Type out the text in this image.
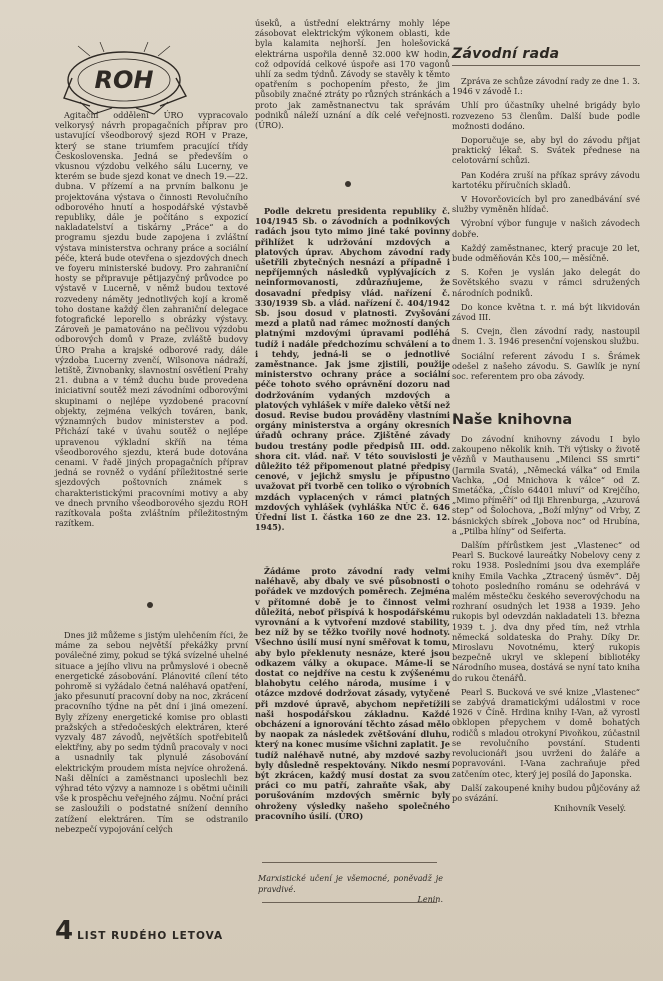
ROH

Agitační oddělení ÚRO vypracovalo velkorysý návrh propagačních příprav pro ustavující všeodborový sjezd ROH v Praze, který se stane triumfem pracující třídy Československa. Jedná se především o vkusnou výzdobu velkého sálu Lucerny, ve kterém se bude sjezd konat ve dnech 19.—22. dubna. V přízemí a na prvním balkonu je projektována výstava o činnosti Revolučního odborového hnutí a hospodářské výstavbě republiky, dále je počítáno s expozicí nakladatelství a tiskárny „Práce“ a do programu sjezdu bude zapojena i zvláštní výstava ministerstva ochrany práce a sociální péče, která bude otevřena o sjezdových dnech ve foyeru ministerské budovy. Pro zahraniční hosty se připravuje pětijazyčný průvodce po výstavě v Lucerně, v němž budou textové rozvedeny náměty jednotlivých kojí a kromě toho dostane každý člen zahraniční delegace fotografické leporello s obrázky výstavy. Zároveň je pamatováno na pečlivou výzdobu odborových domů v Praze, zvláště budovy ÚRO Praha a krajské odborové rady, dále výzdoba Lucerny zvenčí, Wilsonova nádraží, letiště, Živnobanky, slavnostní osvětlení Prahy 21. dubna a v témž duchu bude provedena iniciativní soutěž mezi závodními odborovými skupinami o nejlépe vyzdobené pracovní objekty, zejména velkých továren, bank, významných budov ministerstev a pod. Přichází také v úvahu soutěž o nejlépe upravenou výkladní skříň na téma všeodborového sjezdu, která bude dotována cenami. V řadě jiných propagačních příprav jedná se rovněž o vydání příležitostné serie sjezdových poštovních známek s charakteristickými pracovními motivy a aby ve dnech prvního všeodborového sjezdu ROH razítkovala pošta zvláštním příležitostným razítkem.

Dnes již můžeme s jistým ulehčením říci, že máme za sebou největší překážky první poválečné zimy, pokud se týká svízelné uhelné situace a jejího vlivu na průmyslové i obecně energetické zásobování. Plánovité cílení této pohromě si vyžádalo četná naléhavá opatření, jako přesunutí pracovní doby na noc, zkrácení pracovního týdne na pět dní i jiná omezení. Byly zřízeny energetické komise pro oblasti pražských a středočeských elektráren, které vyzvaly 487 závodů, největších spotřebitelů elektřiny, aby po sedm týdnů pracovaly v noci a usnadnily tak plynulé zásobování elektrickým proudem místa nejvíce ohrožená. Naši dělníci a zaměstnanci uposlechli bez výhrad této výzvy a namnoze i s obětmi učinili vše k prospěchu veřejného zájmu. Noční práci se zasloužili o podstatné snížení denního zatížení elektráren. Tím se odstranilo nebezpečí vypojování celých

úseků, a ústřední elektrárny mohly lépe zásobovat elektrickým výkonem oblasti, kde byla kalamita nejhorší. Jen holešovická elektrárna uspořila denně 32.000 kW hodin, což odpovídá celkové úspoře asi 170 vagonů uhlí za sedm týdnů. Závody se stavěly k těmto opatřením s pochopením přesto, že jim působily značné ztráty po různých stránkách a proto jak zaměstnanectvu tak správám podniků náleží uznání a dík celé veřejnosti. (ÚRO).

Podle dekretu presidenta republiky č. 104/1945 Sb. o závodních a podnikových radách jsou tyto mimo jiné také povinny přihlížet k udržování mzdových a platových úprav. Abychom závodní rady ušetřili zbytečných nesnází a případně i nepříjemných následků vyplývajících z neinformovanosti, zdůrazňujeme, že dosavadní předpisy vlád. nařízení č. 330/1939 Sb. a vlád. nařízení č. 404/1942 Sb. jsou dosud v platnosti. Zvyšování mezd a platů nad rámec možností daných platnými mzdovými úpravami podléhá tudíž i nadále předchozímu schválení a to i tehdy, jedná-li se o jednotlivé zaměstnance. Jak jsme zjistili, použije ministerstvo ochrany práce a sociální péče tohoto svého oprávnění dozoru nad dodržováním vydaných mzdových a platových vyhlášek v míře daleko větší než dosud. Revise budou prováděny vlastními orgány ministerstva a orgány okresních úřadů ochrany práce. Zjištěné závady budou trestány podle předpisů III. odd. shora cit. vlád. nař. V této souvislosti je důležito též připomenout platné předpisy cenové, v jejichž smyslu je přípustno uvažovat při tvorbě cen toliko o výrobních mzdách vyplacených v rámci platných mzdových vyhlášek (vyhláška NÚC č. 646 Úřední list I. částka 160 ze dne 23. 12. 1945).

Žádáme proto závodní rady velmi naléhavě, aby dbaly ve své působnosti o pořádek ve mzdových poměrech. Zejména v přítomné době je to činnost velmi důležitá, neboť přispívá k hospodářskému vyrovnání a k vytvoření mzdové stability, bez níž by se těžko tvořily nové hodnoty. Všechno úsilí musí nyní směřovat k tomu, aby bylo překlenuty nesnáze, které jsou odkazem války a okupace. Máme-li se dostat co nejdříve na cestu k zvýšenému blahobytu celého národa, musíme i v otázce mzdové dodržovat zásady, vytyčené při mzdové úpravě, abychom nepřetížili naši hospodářskou základnu. Každé obcházení a ignorování těchto zásad mělo by naopak za následek zvětšování dluhu, který na konec musíme všichni zaplatit. Je tudíž naléhavě nutné, aby mzdové sazby byly důsledně respektovány. Nikdo nesmí být zkrácen, každý musí dostat za svou práci co mu patří, zahraňte však, aby porušováním mzdových směrnic byly ohroženy výsledky našeho společného pracovního úsilí. (ÚRO)

Marxistické učení je všemocné, poněvadž je pravdivé.
Lenin.
Závodní rada

Zpráva ze schůze závodní rady ze dne 1. 3. 1946 v závodě I.:

Uhlí pro účastníky uhelné brigády bylo rozvezeno 53 členům. Další bude podle možnosti dodáno.

Doporučuje se, aby byl do závodu přijat praktický lékař. S. Svátek přednese na celotovární schůzi.

Pan Kodéra zruší na příkaz správy závodu kartotéku příručních skladů.

V Hovorčovicích byl pro zanedbávání své služby vyměněn hlídač.

Výrobní výbor funguje v našich závodech dobře.

Každý zaměstnanec, který pracuje 20 let, bude odměňován Kčs 100,— měsíčně.

S. Kořen je vyslán jako delegát do Sovětského svazu v rámci sdružených národních podniků.

Do konce května t. r. má být likvidován závod III.

S. Cvejn, člen závodní rady, nastoupil dnem 1. 3. 1946 presenční vojenskou službu.

Sociální referent závodu I s. Šrámek odešel z našeho závodu. S. Gawlík je nyní soc. referentem pro oba závody.

Naše knihovna

Do závodní knihovny závodu I bylo zakoupeno několik knih. Tři výtisky o životě vězňů v Mauthausenu „Milenci SS smrti“ (Jarmila Svatá), „Německá válka“ od Emila Vachka, „Od Mnichova k válce“ od Z. Smetáčka, „Číslo 64401 mluví“ od Krejčího, „Mimo příměří“ od Ilji Ehrenburga, „Azurová step“ od Šolochova, „Boží mlýny“ od Vrby, Z básnických sbírek „Jobova noc“ od Hrubína, a „Ptilba hlíny“ od Seiferta.

Dalším přírůstkem jest „Vlastenec“ od Pearl S. Buckové laureátky Nobelovy ceny z roku 1938. Posledními jsou dva exempláře knihy Emila Vachka „Ztracený úsměv“. Děj tohoto posledního románu se odehrává v malém městečku českého severovýchodu na rozhraní osudných let 1938 a 1939. Jeho rukopis byl odevzdán nakladateli 13. března 1939 t. j. dva dny před tím, než vtrhla německá soldateska do Prahy. Díky Dr. Miroslavu Novotnému, který rukopis bezpečně ukryl ve sklepení bibliotéky Národního musea, dostává se nyní tato kniha do rukou čtenářů.

Pearl S. Bucková ve své knize „Vlastenec“ se zabývá dramatickými událostmi v roce 1926 v Číně. Hrdina knihy I-Van, až vyrostl obklopen přepychem v domě bohatých rodičů s mladou otrokyní Pivoňkou, zúčastnil se revolučního povstání. Studenti revolucionáři jsou uvrženi do žaláře a popravováni. I-Vana zachraňuje před zatčením otec, který jej posílá do Japonska.

Další zakoupené knihy budou půjčovány až po svázání.

Knihovník Veselý.

4 LIST RUDÉHO LETOVA
